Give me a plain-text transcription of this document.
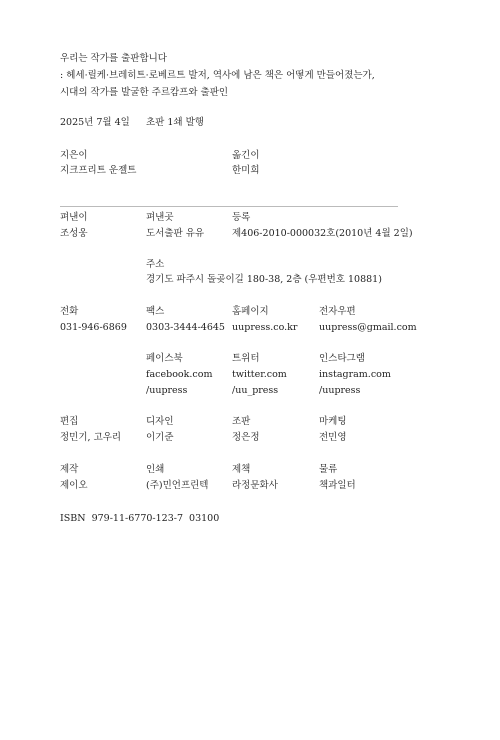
우리는 작가를 출판합니다
: 헤세·릴케·브레히트·로베르트 발저, 역사에 남은 책은 어떻게 만들어졌는가,
시대의 작가를 발굴한 주르캄프와 출판인
2025년 7월 4일 초판 1쇄 발행
지은이
지크프리트 운젤트
옮긴이
한미희
펴낸이
조성웅
펴낸곳
도서출판 유유
등록
제406-2010-000032호(2010년 4월 2일)
주소
경기도 파주시 돌곶이길 180-38, 2층 (우편번호 10881)
전화
031-946-6869
팩스
0303-3444-4645
홈페이지
uupress.co.kr
전자우편
uupress@gmail.com
페이스북
facebook.com
/uupress
트위터
twitter.com
/uu_press
인스타그램
instagram.com
/uupress
편집
정민기, 고우리
디자인
이기준
조판
정은정
마케팅
전민영
제작
제이오
인쇄
(주)민언프린텍
제책
라정문화사
물류
책과일터
ISBN  979-11-6770-123-7  03100
